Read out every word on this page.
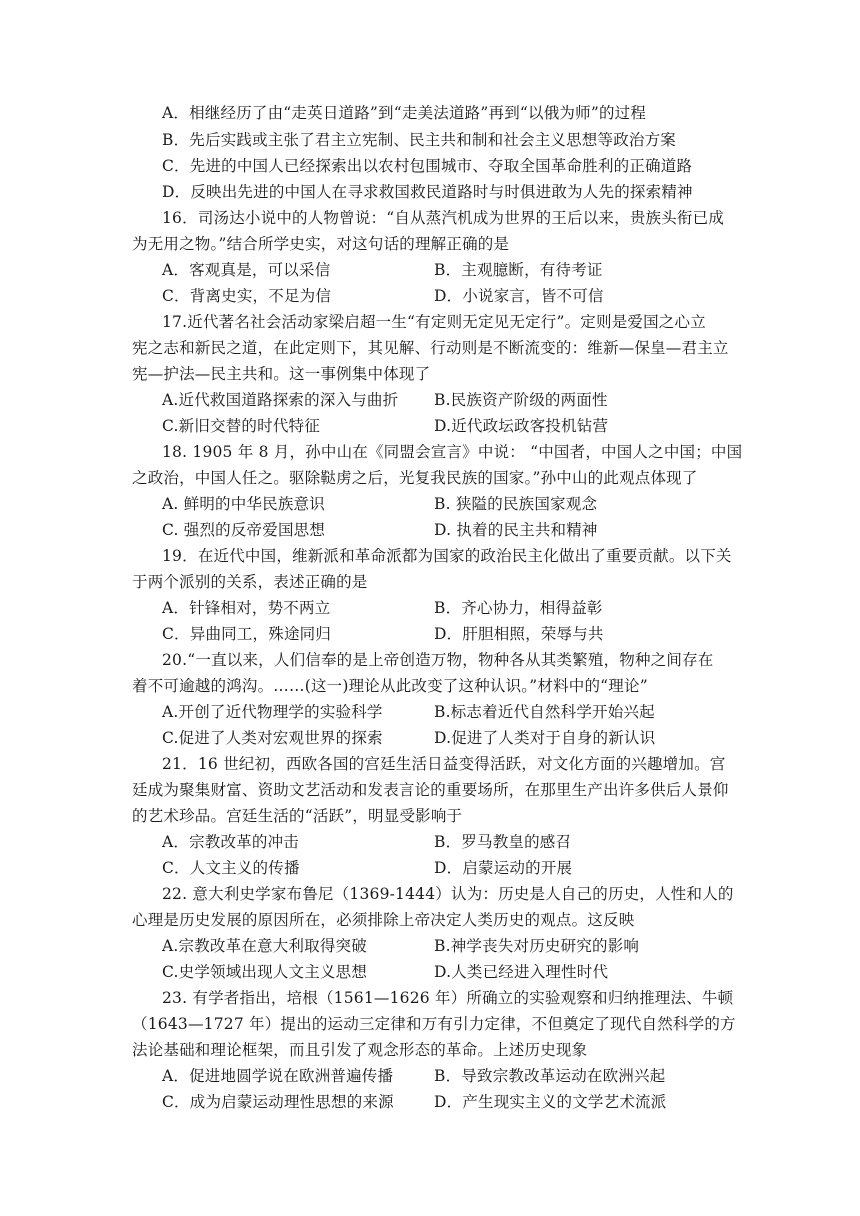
A．相继经历了由“走英日道路”到“走美法道路”再到“以俄为师”的过程
B．先后实践或主张了君主立宪制、民主共和制和社会主义思想等政治方案
C．先进的中国人已经探索出以农村包围城市、夺取全国革命胜利的正确道路
D．反映出先进的中国人在寻求救国救民道路时与时俱进敢为人先的探索精神
16．司汤达小说中的人物曾说：“自从蒸汽机成为世界的王后以来，贵族头衔已成
为无用之物。”结合所学史实，对这句话的理解正确的是
A．客观真是，可以采信	B．主观臆断，有待考证
C．背离史实，不足为信	D．小说家言，皆不可信
17.近代著名社会活动家梁启超一生“有定则无定见无定行”。定则是爱国之心立
宪之志和新民之道，在此定则下，其见解、行动则是不断流变的：维新—保皇—君主立
宪—护法—民主共和。这一事例集中体现了
A.近代救国道路探索的深入与曲折 B.民族资产阶级的两面性
C.新旧交替的时代特征	D.近代政坛政客投机钻营
18. 1905 年 8 月，孙中山在《同盟会宣言》中说： “中国者，中国人之中国；中国
之政治，中国人任之。驱除鞑虏之后，光复我民族的国家。”孙中山的此观点体现了
A. 鲜明的中华民族意识	B. 狭隘的民族国家观念
C. 强烈的反帝爱国思想	D. 执着的民主共和精神
19．在近代中国，维新派和革命派都为国家的政治民主化做出了重要贡献。以下关
于两个派别的关系，表述正确的是
A．针锋相对，势不两立	B．齐心协力，相得益彰
C．异曲同工，殊途同归	D．肝胆相照，荣辱与共
20.“一直以来，人们信奉的是上帝创造万物，物种各从其类繁殖，物种之间存在
着不可逾越的鸿沟。……(这一)理论从此改变了这种认识。”材料中的“理论”
A.开创了近代物理学的实验科学	B.标志着近代自然科学开始兴起
C.促进了人类对宏观世界的探索	D.促进了人类对于自身的新认识
21．16 世纪初，西欧各国的宫廷生活日益变得活跃，对文化方面的兴趣增加。宫
廷成为聚集财富、资助文艺活动和发表言论的重要场所，在那里生产出许多供后人景仰
的艺术珍品。宫廷生活的“活跃”，明显受影响于
A．宗教改革的冲击	B．罗马教皇的感召
C．人文主义的传播	D．启蒙运动的开展
22. 意大利史学家布鲁尼（1369-1444）认为：历史是人自己的历史，人性和人的
心理是历史发展的原因所在，必须排除上帝决定人类历史的观点。这反映
A.宗教改革在意大利取得突破	B.神学丧失对历史研究的影响
C.史学领域出现人文主义思想	D.人类已经进入理性时代
23. 有学者指出，培根（1561—1626 年）所确立的实验观察和归纳推理法、牛顿
（1643—1727 年）提出的运动三定律和万有引力定律，不但奠定了现代自然科学的方
法论基础和理论框架，而且引发了观念形态的革命。上述历史现象
A．促进地圆学说在欧洲普遍传播	B．导致宗教改革运动在欧洲兴起
C．成为启蒙运动理性思想的来源	D．产生现实主义的文学艺术流派
